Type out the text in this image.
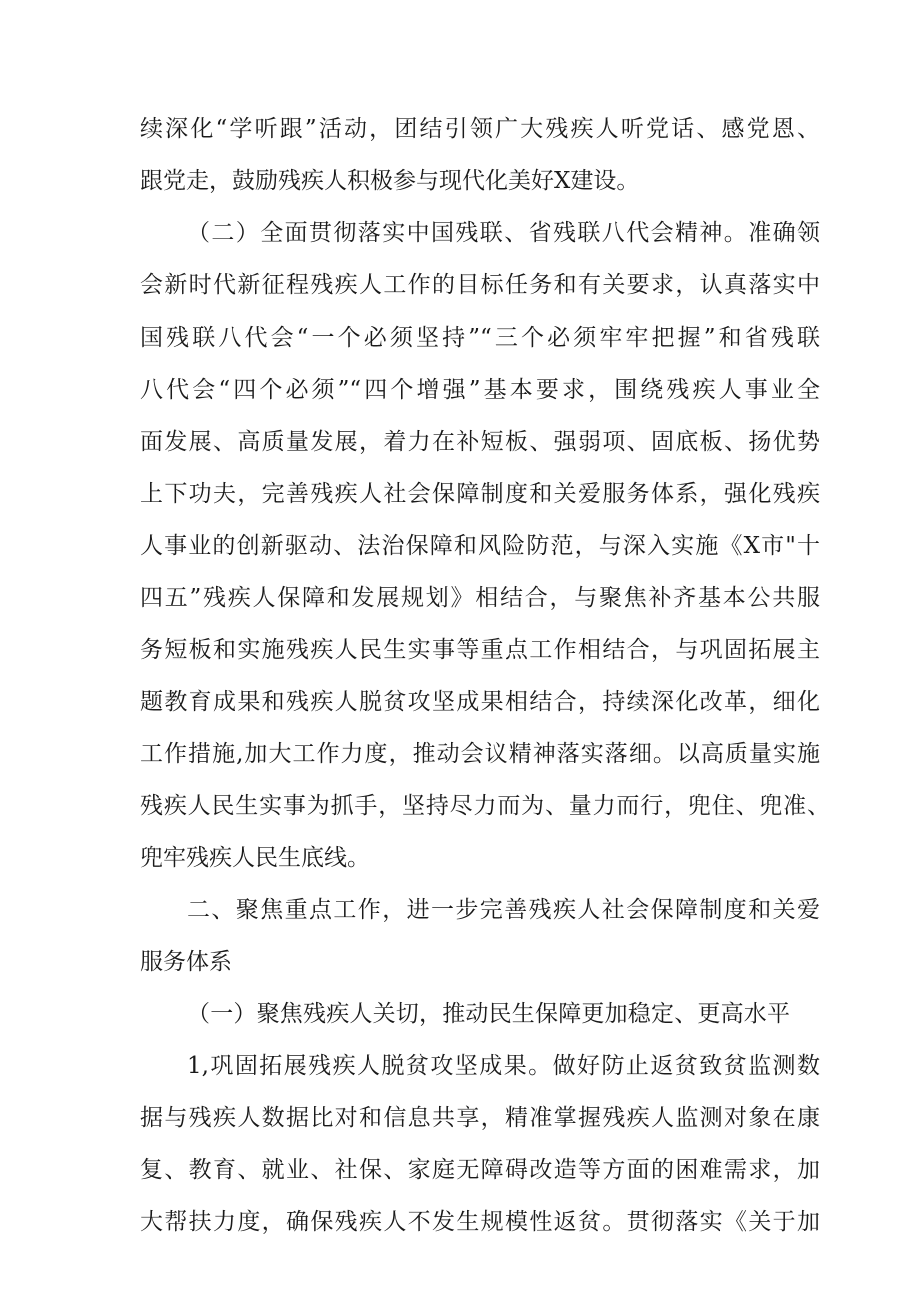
续深化“学听跟”活动，团结引领广大残疾人听党话、感党恩、
跟党走，鼓励残疾人积极参与现代化美好X建设。
（二）全面贯彻落实中国残联、省残联八代会精神。准确领
会新时代新征程残疾人工作的目标任务和有关要求，认真落实中
国残联八代会“一个必须坚持”“三个必须牢牢把握”和省残联
八代会“四个必须”“四个增强”基本要求，围绕残疾人事业全
面发展、高质量发展，着力在补短板、强弱项、固底板、扬优势
上下功夫，完善残疾人社会保障制度和关爱服务体系，强化残疾
人事业的创新驱动、法治保障和风险防范，与深入实施《X市"十
四五”残疾人保障和发展规划》相结合，与聚焦补齐基本公共服
务短板和实施残疾人民生实事等重点工作相结合，与巩固拓展主
题教育成果和残疾人脱贫攻坚成果相结合，持续深化改革，细化
工作措施,加大工作力度，推动会议精神落实落细。以高质量实施
残疾人民生实事为抓手，坚持尽力而为、量力而行，兜住、兜准、
兜牢残疾人民生底线。
二、聚焦重点工作，进一步完善残疾人社会保障制度和关爱
服务体系
（一）聚焦残疾人关切，推动民生保障更加稳定、更高水平
1,巩固拓展残疾人脱贫攻坚成果。做好防止返贫致贫监测数
据与残疾人数据比对和信息共享，精准掌握残疾人监测对象在康
复、教育、就业、社保、家庭无障碍改造等方面的困难需求，加
大帮扶力度，确保残疾人不发生规模性返贫。贯彻落实《关于加
